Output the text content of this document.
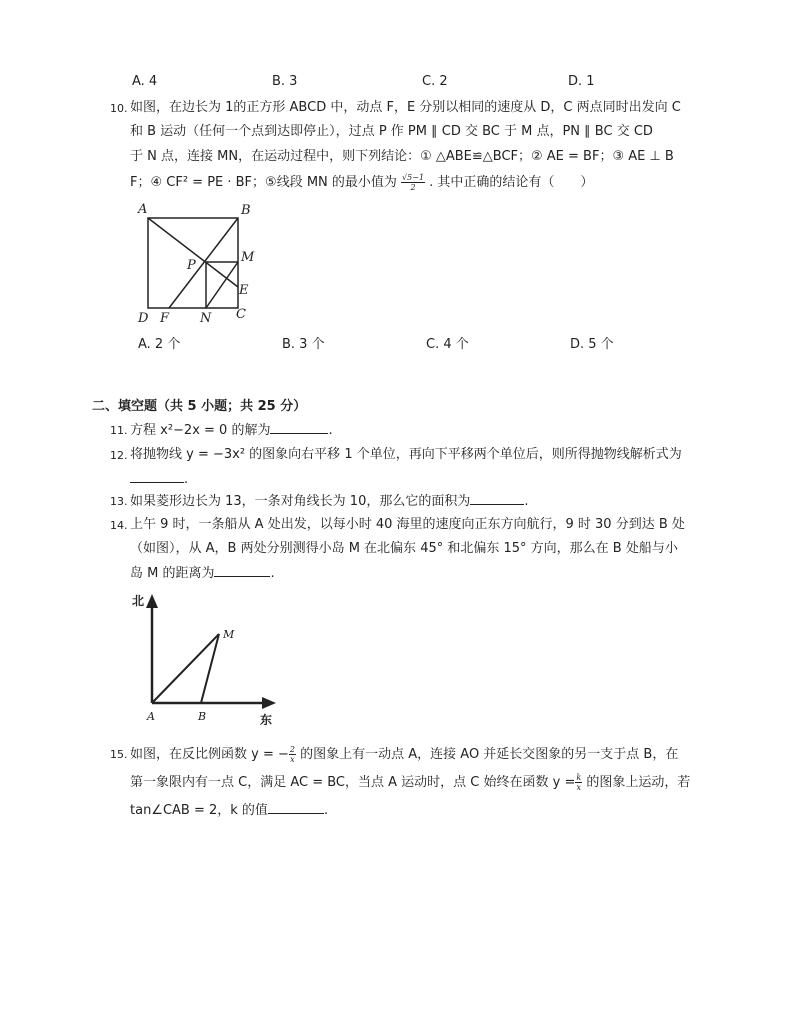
A. 4	B. 3	C. 2	D. 1
10. 如图，在边长为 1的正方形 ABCD 中，动点 F，E 分别以相同的速度从 D，C 两点同时出发向 C
和 B 运动（任何一个点到达即停止），过点 P 作 PM ∥ CD 交 BC 于 M 点，PN ∥ BC 交 CD
于 N 点，连接 MN，在运动过程中，则下列结论：① △ABE≌△BCF；② AE = BF；③ AE ⊥ B
F；④ CF² = PE · BF；⑤线段 MN 的最小值为 $\frac{√5-1}{2}$ . 其中正确的结论有（　　）
A	B
D F N C
P
M
E
A. 2 个	B. 3 个	C. 4 个	D. 5 个
二、填空题（共 5 小题；共 25 分）
11. 方程 x²−2x = 0 的解为	.
12. 将抛物线 y = −3x² 的图象向右平移 1 个单位，再向下平移两个单位后，则所得抛物线解析式为
.
13. 如果菱形边长为 13，一条对角线长为 10，那么它的面积为	.
14. 上午 9 时，一条船从 A 处出发，以每小时 40 海里的速度向正东方向航行，9 时 30 分到达 B 处
（如图），从 A，B 两处分别测得小岛 M 在北偏东 45° 和北偏东 15° 方向，那么在 B 处船与小
岛 M 的距离为	.
北
东
A	B
M
15. 如图，在反比例函数 y = − $\frac{2}{x}$ 的图象上有一动点 A，连接 AO 并延长交图象的另一支于点 B，在
第一象限内有一点 C，满足 AC = BC，当点 A 运动时，点 C 始终在函数 $y = \frac{k}{x}$ 的图象上运动，若
tan∠CAB = 2，k 的值	.
